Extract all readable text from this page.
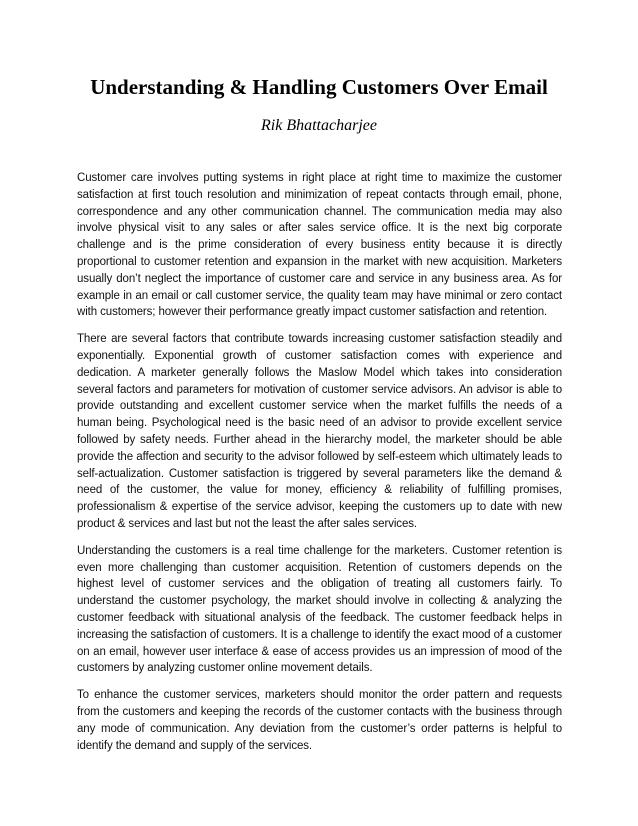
Understanding & Handling Customers Over Email

Rik Bhattacharjee

Customer care involves putting systems in right place at right time to maximize the customer satisfaction at first touch resolution and minimization of repeat contacts through email, phone, correspondence and any other communication channel. The communication media may also involve physical visit to any sales or after sales service office. It is the next big corporate challenge and is the prime consideration of every business entity because it is directly proportional to customer retention and expansion in the market with new acquisition. Marketers usually don’t neglect the importance of customer care and service in any business area. As for example in an email or call customer service, the quality team may have minimal or zero contact with customers; however their performance greatly impact customer satisfaction and retention.

There are several factors that contribute towards increasing customer satisfaction steadily and exponentially. Exponential growth of customer satisfaction comes with experience and dedication. A marketer generally follows the Maslow Model which takes into consideration several factors and parameters for motivation of customer service advisors. An advisor is able to provide outstanding and excellent customer service when the market fulfills the needs of a human being. Psychological need is the basic need of an advisor to provide excellent service followed by safety needs. Further ahead in the hierarchy model, the marketer should be able provide the affection and security to the advisor followed by self-esteem which ultimately leads to self-actualization. Customer satisfaction is triggered by several parameters like the demand & need of the customer, the value for money, efficiency & reliability of fulfilling promises, professionalism & expertise of the service advisor, keeping the customers up to date with new product & services and last but not the least the after sales services.

Understanding the customers is a real time challenge for the marketers. Customer retention is even more challenging than customer acquisition. Retention of customers depends on the highest level of customer services and the obligation of treating all customers fairly. To understand the customer psychology, the market should involve in collecting & analyzing the customer feedback with situational analysis of the feedback. The customer feedback helps in increasing the satisfaction of customers. It is a challenge to identify the exact mood of a customer on an email, however user interface & ease of access provides us an impression of mood of the customers by analyzing customer online movement details.

To enhance the customer services, marketers should monitor the order pattern and requests from the customers and keeping the records of the customer contacts with the business through any mode of communication. Any deviation from the customer’s order patterns is helpful to identify the demand and supply of the services.
